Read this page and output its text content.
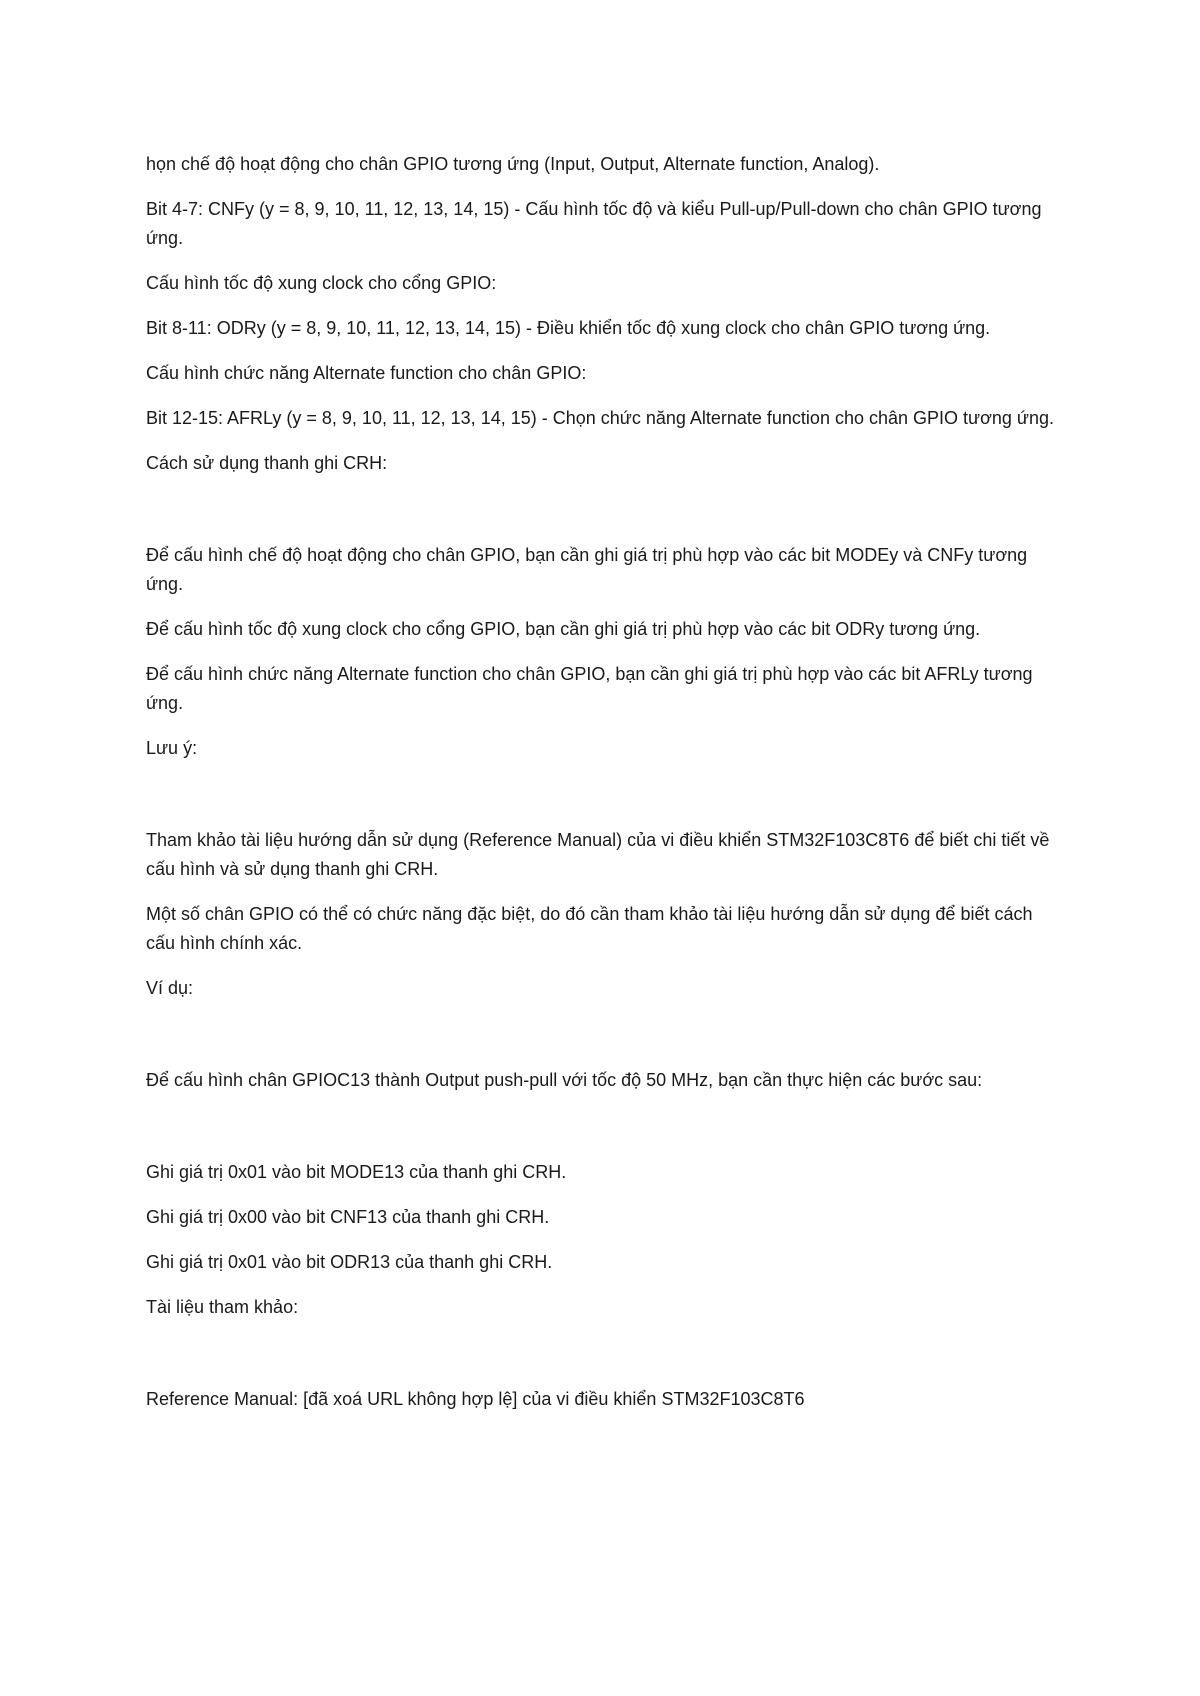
họn chế độ hoạt động cho chân GPIO tương ứng (Input, Output, Alternate function, Analog).

Bit 4-7: CNFy (y = 8, 9, 10, 11, 12, 13, 14, 15) - Cấu hình tốc độ và kiểu Pull-up/Pull-down cho chân GPIO tương ứng.

Cấu hình tốc độ xung clock cho cổng GPIO:

Bit 8-11: ODRy (y = 8, 9, 10, 11, 12, 13, 14, 15) - Điều khiển tốc độ xung clock cho chân GPIO tương ứng.

Cấu hình chức năng Alternate function cho chân GPIO:

Bit 12-15: AFRLy (y = 8, 9, 10, 11, 12, 13, 14, 15) - Chọn chức năng Alternate function cho chân GPIO tương ứng.

Cách sử dụng thanh ghi CRH:

Để cấu hình chế độ hoạt động cho chân GPIO, bạn cần ghi giá trị phù hợp vào các bit MODEy và CNFy tương ứng.

Để cấu hình tốc độ xung clock cho cổng GPIO, bạn cần ghi giá trị phù hợp vào các bit ODRy tương ứng.

Để cấu hình chức năng Alternate function cho chân GPIO, bạn cần ghi giá trị phù hợp vào các bit AFRLy tương ứng.

Lưu ý:

Tham khảo tài liệu hướng dẫn sử dụng (Reference Manual) của vi điều khiển STM32F103C8T6 để biết chi tiết về cấu hình và sử dụng thanh ghi CRH.

Một số chân GPIO có thể có chức năng đặc biệt, do đó cần tham khảo tài liệu hướng dẫn sử dụng để biết cách cấu hình chính xác.

Ví dụ:

Để cấu hình chân GPIOC13 thành Output push-pull với tốc độ 50 MHz, bạn cần thực hiện các bước sau:

Ghi giá trị 0x01 vào bit MODE13 của thanh ghi CRH.

Ghi giá trị 0x00 vào bit CNF13 của thanh ghi CRH.

Ghi giá trị 0x01 vào bit ODR13 của thanh ghi CRH.

Tài liệu tham khảo:

Reference Manual: [đã xoá URL không hợp lệ] của vi điều khiển STM32F103C8T6
